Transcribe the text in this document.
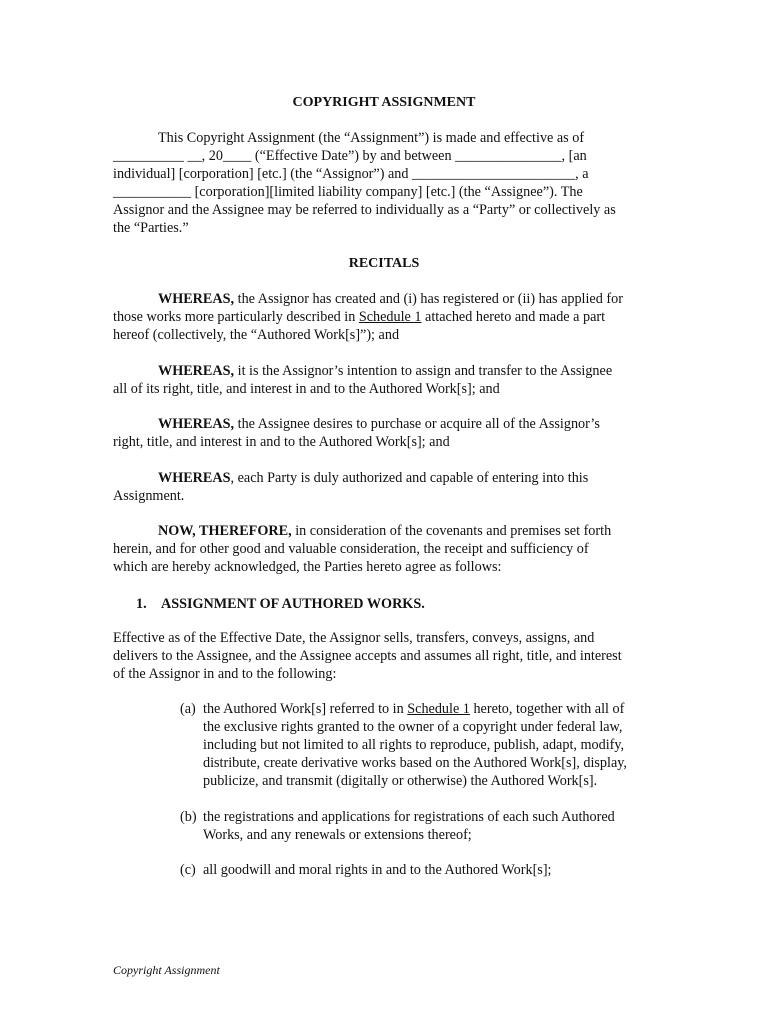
COPYRIGHT ASSIGNMENT
This Copyright Assignment (the “Assignment”) is made and effective as of
__________ __, 20____ (“Effective Date”) by and between _______________, [an
individual] [corporation] [etc.] (the “Assignor”) and _______________________, a
___________ [corporation][limited liability company] [etc.] (the “Assignee”). The
Assignor and the Assignee may be referred to individually as a “Party” or collectively as
the “Parties.”
RECITALS
WHEREAS, the Assignor has created and (i) has registered or (ii) has applied for
those works more particularly described in Schedule 1 attached hereto and made a part
hereof (collectively, the “Authored Work[s]”); and
WHEREAS, it is the Assignor’s intention to assign and transfer to the Assignee
all of its right, title, and interest in and to the Authored Work[s]; and
WHEREAS, the Assignee desires to purchase or acquire all of the Assignor’s
right, title, and interest in and to the Authored Work[s]; and
WHEREAS, each Party is duly authorized and capable of entering into this
Assignment.
NOW, THEREFORE, in consideration of the covenants and premises set forth
herein, and for other good and valuable consideration, the receipt and sufficiency of
which are hereby acknowledged, the Parties hereto agree as follows:
1. ASSIGNMENT OF AUTHORED WORKS.
Effective as of the Effective Date, the Assignor sells, transfers, conveys, assigns, and
delivers to the Assignee, and the Assignee accepts and assumes all right, title, and interest
of the Assignor in and to the following:
(a) the Authored Work[s] referred to in Schedule 1 hereto, together with all of
the exclusive rights granted to the owner of a copyright under federal law,
including but not limited to all rights to reproduce, publish, adapt, modify,
distribute, create derivative works based on the Authored Work[s], display,
publicize, and transmit (digitally or otherwise) the Authored Work[s].
(b) the registrations and applications for registrations of each such Authored
Works, and any renewals or extensions thereof;
(c) all goodwill and moral rights in and to the Authored Work[s];
Copyright Assignment
